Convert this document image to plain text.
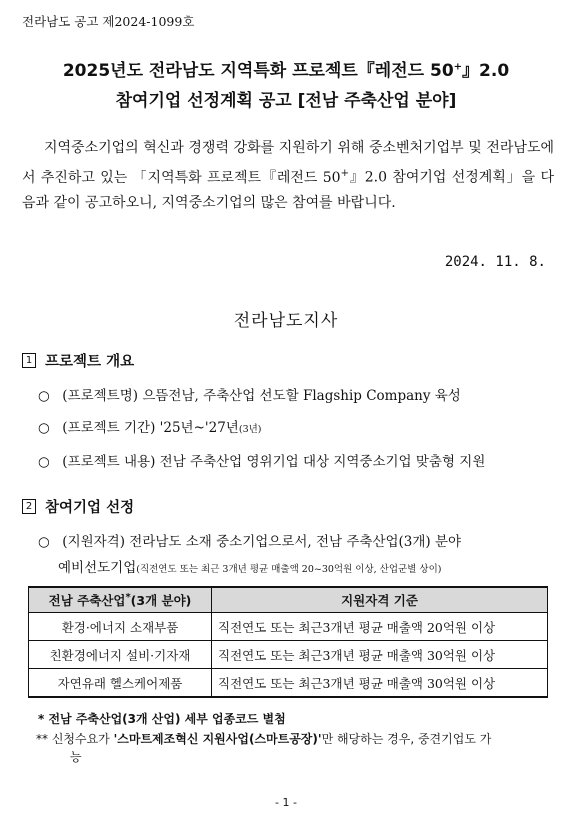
전라남도 공고 제2024-1099호
2025년도 전라남도 지역특화 프로젝트『레전드 50+』2.0
참여기업 선정계획 공고 [전남 주축산업 분야]
지역중소기업의 혁신과 경쟁력 강화를 지원하기 위해 중소벤처기업부 및 전라남도에서 추진하고 있는 「지역특화 프로젝트『레전드 50+』2.0 참여기업 선정계획」을 다음과 같이 공고하오니, 지역중소기업의 많은 참여를 바랍니다.
2024. 11. 8.
전라남도지사
1 프로젝트 개요
○ (프로젝트명) 으뜸전남, 주축산업 선도할 Flagship Company 육성
○ (프로젝트 기간) '25년~'27년(3년)
○ (프로젝트 내용) 전남 주축산업 영위기업 대상 지역중소기업 맞춤형 지원
2 참여기업 선정
○ (지원자격) 전라남도 소재 중소기업으로서, 전남 주축산업(3개) 분야
예비선도기업(직전연도 또는 최근 3개년 평균 매출액 20~30억원 이상, 산업군별 상이)
전남 주축산업*(3개 분야)	지원자격 기준
환경·에너지 소재부품	직전연도 또는 최근3개년 평균 매출액 20억원 이상
친환경에너지 설비·기자재	직전연도 또는 최근3개년 평균 매출액 30억원 이상
자연유래 헬스케어제품	직전연도 또는 최근3개년 평균 매출액 30억원 이상
* 전남 주축산업(3개 산업) 세부 업종코드 별첨
** 신청수요가 '스마트제조혁신 지원사업(스마트공장)'만 해당하는 경우, 중견기업도 가
능
- 1 -
